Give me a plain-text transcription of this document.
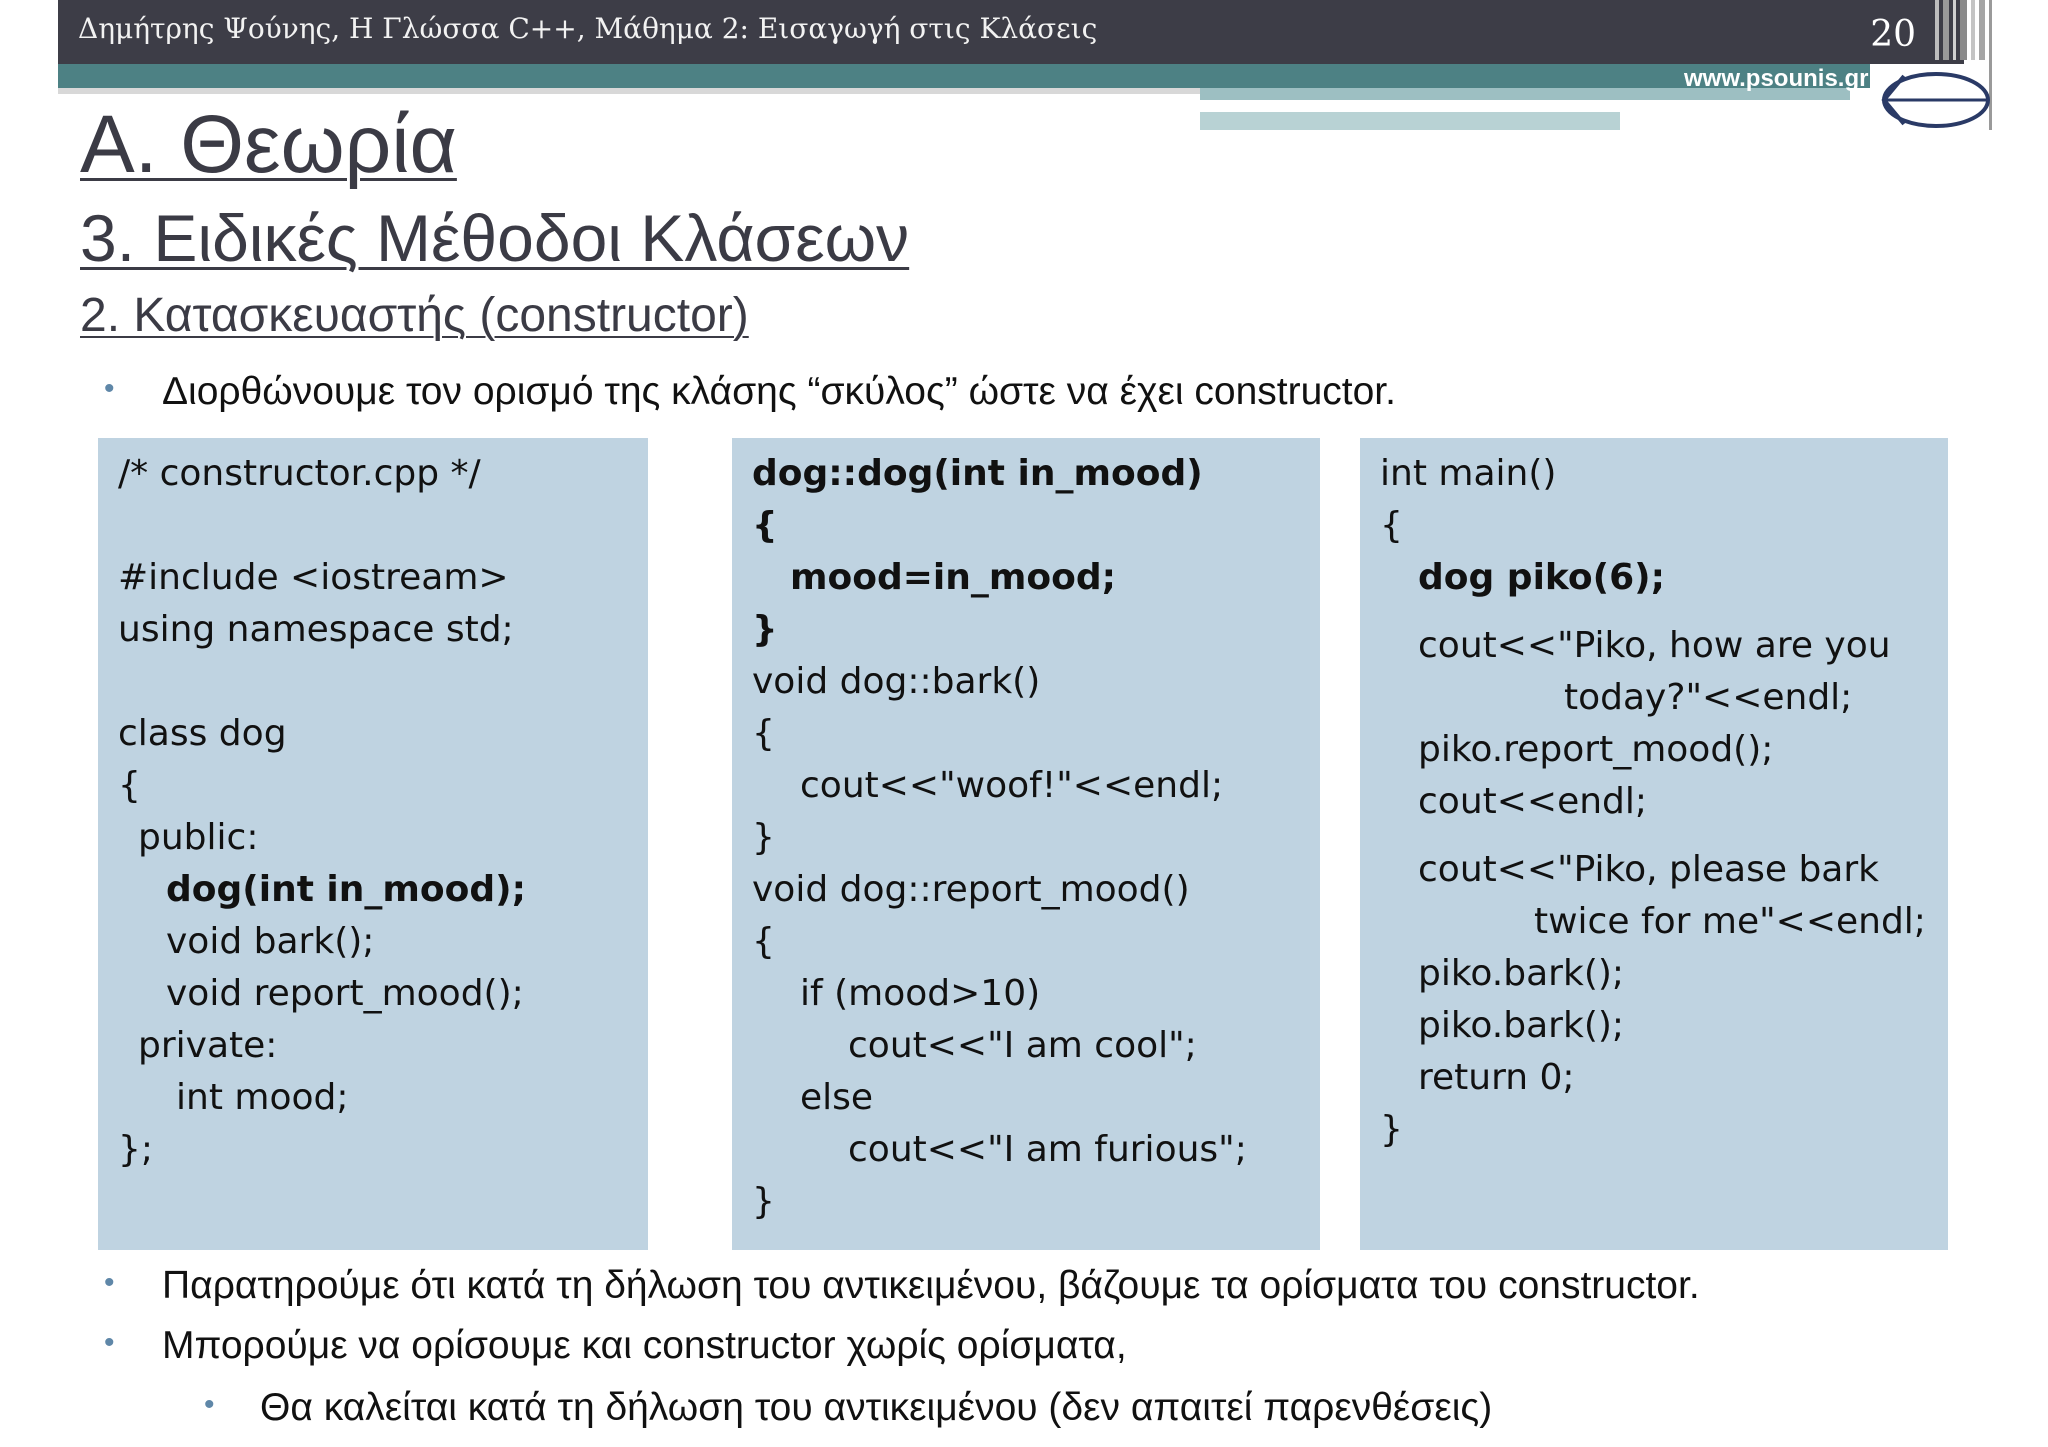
Δημήτρης Ψούνης, Η Γλώσσα C++, Μάθημα 2: Εισαγωγή στις Κλάσεις	20
www.psounis.gr
Α. Θεωρία
3. Ειδικές Μέθοδοι Κλάσεων
2. Κατασκευαστής (constructor)
• Διορθώνουμε τον ορισμό της κλάσης “σκύλος” ώστε να έχει constructor.
/* constructor.cpp */
#include <iostream>
using namespace std;
class dog
{
public:
dog(int in_mood);
void bark();
void report_mood();
private:
int mood;
};
dog::dog(int in_mood)
{
mood=in_mood;
}
void dog::bark()
{
cout<<"woof!"<<endl;
}
void dog::report_mood()
{
if (mood>10)
cout<<"I am cool";
else
cout<<"I am furious";
}
int main()
{
dog piko(6);
cout<<"Piko, how are you
today?"<<endl;
piko.report_mood();
cout<<endl;
cout<<"Piko, please bark
twice for me"<<endl;
piko.bark();
piko.bark();
return 0;
}
• Παρατηρούμε ότι κατά τη δήλωση του αντικειμένου, βάζουμε τα ορίσματα του constructor.
• Μπορούμε να ορίσουμε και constructor χωρίς ορίσματα,
• Θα καλείται κατά τη δήλωση του αντικειμένου (δεν απαιτεί παρενθέσεις)
